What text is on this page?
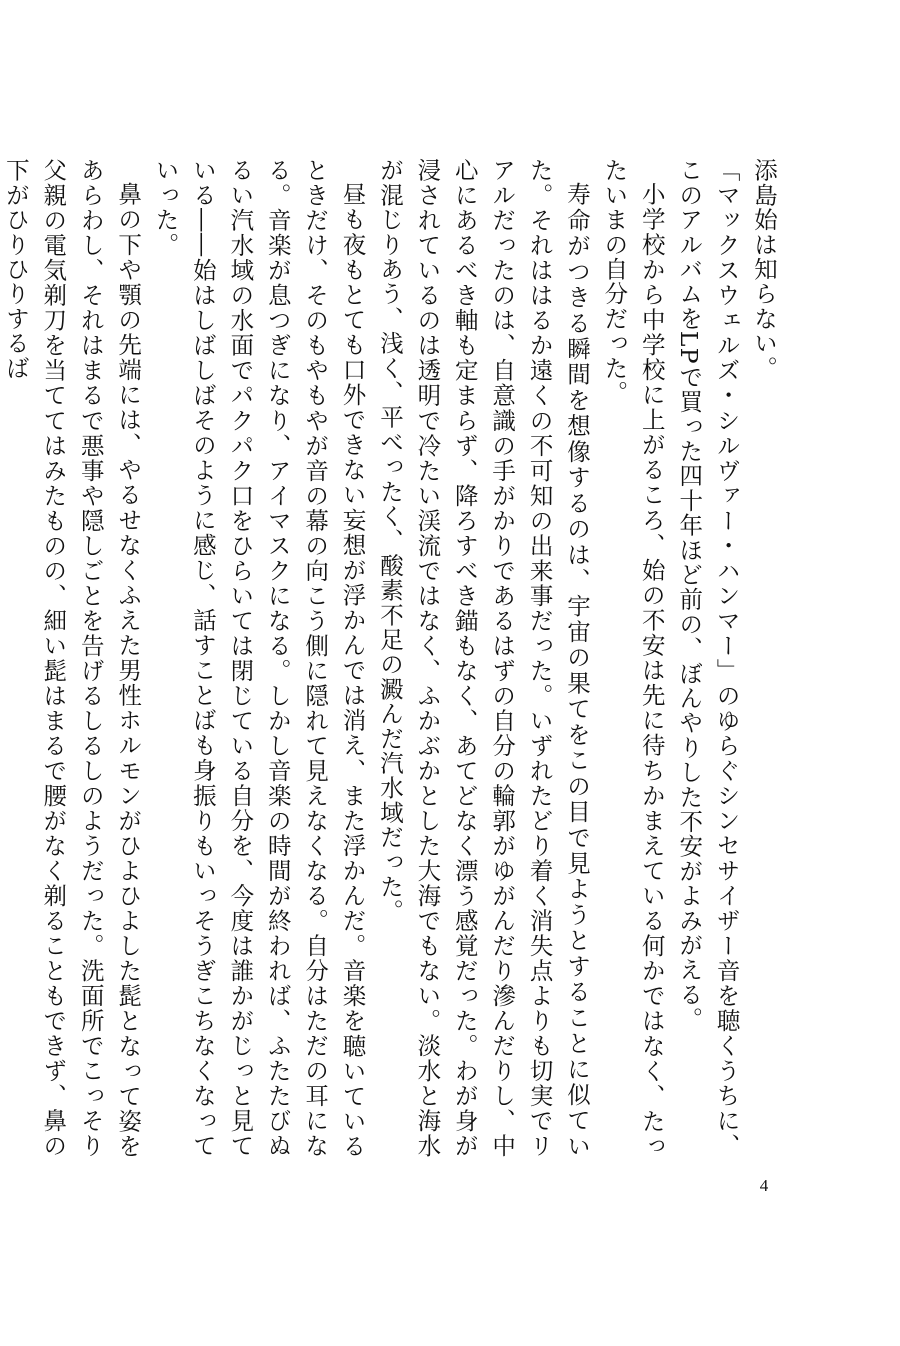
添島始は知らない。

「マックスウェルズ・シルヴァー・ハンマー」のゆらぐシンセサイザー音を聴くうちに、このアルバムをLPで買った四十年ほど前の、ぼんやりした不安がよみがえる。

小学校から中学校に上がるころ、始の不安は先に待ちかまえている何かではなく、たったいまの自分だった。

寿命がつきる瞬間を想像するのは、宇宙の果てをこの目で見ようとすることに似ていた。それははるか遠くの不可知の出来事だった。いずれたどり着く消失点よりも切実でリアルだったのは、自意識の手がかりであるはずの自分の輪郭がゆがんだり滲んだりし、中心にあるべき軸も定まらず、降ろすべき錨もなく、あてどなく漂う感覚だった。わが身が浸されているのは透明で冷たい渓流ではなく、ふかぶかとした大海でもない。淡水と海水が混じりあう、浅く、平べったく、酸素不足の澱んだ汽水域だった。

昼も夜もとても口外できない妄想が浮かんでは消え、また浮かんだ。音楽を聴いているときだけ、そのもやもやが音の幕の向こう側に隠れて見えなくなる。自分はただの耳になる。音楽が息つぎになり、アイマスクになる。しかし音楽の時間が終われば、ふたたびぬるい汽水域の水面でパクパク口をひらいては閉じている自分を、今度は誰かがじっと見ている――始はしばしばそのように感じ、話すことばも身振りもいっそうぎこちなくなっていった。

鼻の下や顎の先端には、やるせなくふえた男性ホルモンがひよひよした髭となって姿をあらわし、それはまるで悪事や隠しごとを告げるしるしのようだった。洗面所でこっそり父親の電気剃刀を当ててはみたものの、細い髭はまるで腰がなく剃ることもできず、鼻の下がひりひりするば

4
